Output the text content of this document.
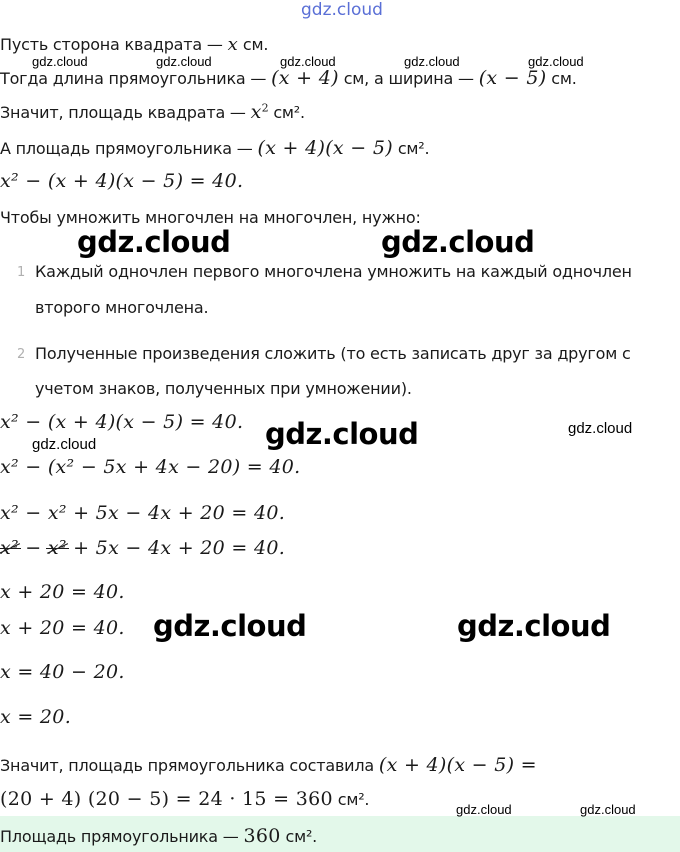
gdz.cloud
gdz.cloud	gdz.cloud	gdz.cloud	gdz.cloud	gdz.cloud
gdz.cloud	gdz.cloud
gdz.cloud	gdz.cloud
gdz.cloud
gdz.cloud	gdz.cloud
gdz.cloud	gdz.cloud
Пусть сторона квадрата — x см.
Тогда длина прямоугольника — (x + 4) см, а ширина — (x − 5) см.
Значит, площадь квадрата — $x^2$ см².
А площадь прямоугольника — (x + 4)(x − 5) см².
x² − (x + 4)(x − 5) = 40.
Чтобы умножить многочлен на многочлен, нужно:
1 Каждый одночлен первого многочлена умножить на каждый одночлен
второго многочлена.
2 Полученные произведения сложить (то есть записать друг за другом с
учетом знаков, полученных при умножении).
x² − (x + 4)(x − 5) = 40.
x² − (x² − 5x + 4x − 20) = 40.
x² − x² + 5x − 4x + 20 = 40.
x² − x² + 5x − 4x + 20 = 40.
x + 20 = 40.
x + 20 = 40.
x = 40 − 20.
x = 20.
Значит, площадь прямоугольника составила (x + 4)(x − 5) =
(20 + 4) (20 − 5) = 24 · 15 = 360 см².
Площадь прямоугольника — 360 см².
